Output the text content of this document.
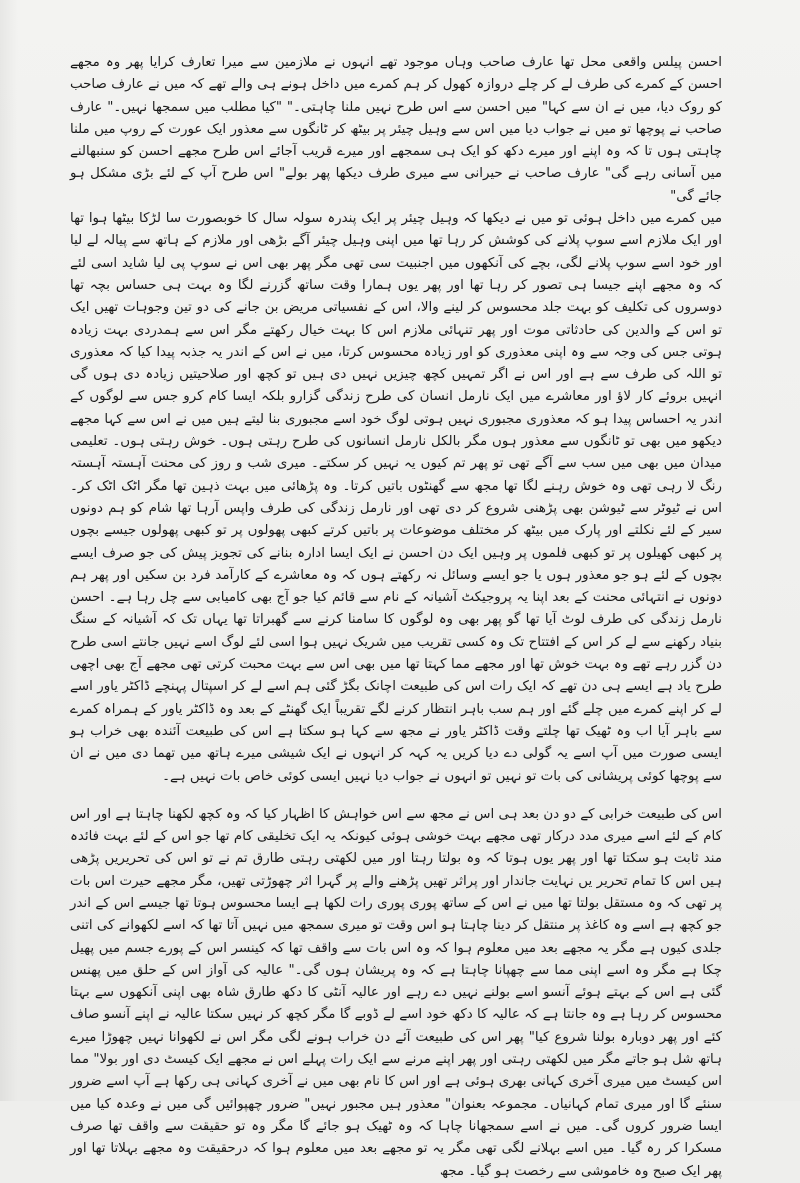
احسن پیلس واقعی محل تھا عارف صاحب وہاں موجود تھے انہوں نے ملازمین سے میرا تعارف کرایا پھر وہ مجھے احسن کے کمرے کی طرف لے کر چلے دروازہ کھول کر ہم کمرے میں داخل ہونے ہی والے تھے کہ میں نے عارف صاحب کو روک دیا، میں نے ان سے کہا" میں احسن سے اس طرح نہیں ملنا چاہتی۔" "کیا مطلب میں سمجھا نہیں۔" عارف صاحب نے پوچھا تو میں نے جواب دیا میں اس سے وہیل چیئر پر بیٹھ کر ٹانگوں سے معذور ایک عورت کے روپ میں ملنا چاہتی ہوں تا کہ وہ اپنے اور میرے دکھ کو ایک ہی سمجھے اور میرے قریب آجائے اس طرح مجھے احسن کو سنبھالنے میں آسانی رہے گی" عارف صاحب نے حیرانی سے میری طرف دیکھا پھر بولے" اس طرح آپ کے لئے بڑی مشکل ہو جائے گی"

میں کمرے میں داخل ہوئی تو میں نے دیکھا کہ وہیل چیئر پر ایک پندرہ سولہ سال کا خوبصورت سا لڑکا بیٹھا ہوا تھا اور ایک ملازم اسے سوپ پلانے کی کوشش کر رہا تھا میں اپنی وہیل چیئر آگے بڑھی اور ملازم کے ہاتھ سے پیالہ لے لیا اور خود اسے سوپ پلانے لگی، بچے کی آنکھوں میں اجنبیت سی تھی مگر پھر بھی اس نے سوپ پی لیا شاید اسی لئے کہ وہ مجھے اپنے جیسا ہی تصور کر رہا تھا اور پھر یوں ہمارا وقت ساتھ گزرنے لگا وہ بہت ہی حساس بچہ تھا دوسروں کی تکلیف کو بہت جلد محسوس کر لینے والا، اس کے نفسیاتی مریض بن جانے کی دو تین وجوہات تھیں ایک تو اس کے والدین کی حادثاتی موت اور پھر تنہائی ملازم اس کا بہت خیال رکھتے مگر اس سے ہمدردی بہت زیادہ ہوتی جس کی وجہ سے وہ اپنی معذوری کو اور زیادہ محسوس کرتا، میں نے اس کے اندر یہ جذبہ پیدا کیا کہ معذوری تو اللہ کی طرف سے ہے اور اس نے اگر تمہیں کچھ چیزیں نہیں دی ہیں تو کچھ اور صلاحیتیں زیادہ دی ہوں گی انہیں بروئے کار لاؤ اور معاشرے میں ایک نارمل انسان کی طرح زندگی گزارو بلکہ ایسا کام کرو جس سے لوگوں کے اندر یہ احساس پیدا ہو کہ معذوری مجبوری نہیں ہوتی لوگ خود اسے مجبوری بنا لیتے ہیں میں نے اس سے کہا مجھے دیکھو میں بھی تو ٹانگوں سے معذور ہوں مگر بالکل نارمل انسانوں کی طرح رہتی ہوں۔ خوش رہتی ہوں۔ تعلیمی میدان میں بھی میں سب سے آگے تھی تو پھر تم کیوں یہ نہیں کر سکتے۔ میری شب و روز کی محنت آہستہ آہستہ رنگ لا رہی تھی وہ خوش رہنے لگا تھا مجھ سے گھنٹوں باتیں کرتا۔ وہ پڑھائی میں بہت ذہین تھا مگر اٹک اٹک کر۔ اس نے ٹیوٹر سے ٹیوشن بھی پڑھنی شروع کر دی تھی اور نارمل زندگی کی طرف واپس آرہا تھا شام کو ہم دونوں سیر کے لئے نکلتے اور پارک میں بیٹھ کر مختلف موضوعات پر باتیں کرتے کبھی پھولوں پر تو کبھی پھولوں جیسے بچوں پر کبھی کھیلوں پر تو کبھی فلموں پر وہیں ایک دن احسن نے ایک ایسا ادارہ بنانے کی تجویز پیش کی جو صرف ایسے بچوں کے لئے ہو جو معذور ہوں یا جو ایسے وسائل نہ رکھتے ہوں کہ وہ معاشرے کے کارآمد فرد بن سکیں اور پھر ہم دونوں نے انتہائی محنت کے بعد اپنا یہ پروجیکٹ آشیانہ کے نام سے قائم کیا جو آج بھی کامیابی سے چل رہا ہے۔ احسن نارمل زندگی کی طرف لوٹ آیا تھا گو پھر بھی وہ لوگوں کا سامنا کرنے سے گھبراتا تھا یہاں تک کہ آشیانہ کے سنگ بنیاد رکھنے سے لے کر اس کے افتتاح تک وہ کسی تقریب میں شریک نہیں ہوا اسی لئے لوگ اسے نہیں جانتے اسی طرح دن گزر رہے تھے وہ بہت خوش تھا اور مجھے مما کہتا تھا میں بھی اس سے بہت محبت کرتی تھی مجھے آج بھی اچھی طرح یاد ہے ایسے ہی دن تھے کہ ایک رات اس کی طبیعت اچانک بگڑ گئی ہم اسے لے کر اسپتال پہنچے ڈاکٹر یاور اسے لے کر اپنے کمرے میں چلے گئے اور ہم سب باہر انتظار کرنے لگے تقریباً ایک گھنٹے کے بعد وہ ڈاکٹر یاور کے ہمراہ کمرے سے باہر آیا اب وہ ٹھیک تھا چلتے وقت ڈاکٹر یاور نے مجھ سے کہا ہو سکتا ہے اس کی طبیعت آئندہ بھی خراب ہو ایسی صورت میں آپ اسے یہ گولی دے دیا کریں یہ کہہ کر انہوں نے ایک شیشی میرے ہاتھ میں تھما دی میں نے ان سے پوچھا کوئی پریشانی کی بات تو نہیں تو انہوں نے جواب دیا نہیں ایسی کوئی خاص بات نہیں ہے۔

اس کی طبیعت خرابی کے دو دن بعد ہی اس نے مجھ سے اس خواہش کا اظہار کیا کہ وہ کچھ لکھنا چاہتا ہے اور اس کام کے لئے اسے میری مدد درکار تھی مجھے بہت خوشی ہوئی کیونکہ یہ ایک تخلیقی کام تھا جو اس کے لئے بہت فائدہ مند ثابت ہو سکتا تھا اور پھر یوں ہوتا کہ وہ بولتا رہتا اور میں لکھتی رہتی طارق تم نے تو اس کی تحریریں پڑھی ہیں اس کا تمام تحریر یں نہایت جاندار اور پراثر تھیں پڑھنے والے پر گہرا اثر چھوڑتی تھیں، مگر مجھے حیرت اس بات پر تھی کہ وہ مستقل بولتا تھا میں نے اس کے ساتھ پوری پوری رات لکھا ہے ایسا محسوس ہوتا تھا جیسے اس کے اندر جو کچھ ہے اسے وہ کاغذ پر منتقل کر دینا چاہتا ہو اس وقت تو میری سمجھ میں نہیں آتا تھا کہ اسے لکھوانے کی اتنی جلدی کیوں ہے مگر یہ مجھے بعد میں معلوم ہوا کہ وہ اس بات سے واقف تھا کہ کینسر اس کے پورے جسم میں پھیل چکا ہے مگر وہ اسے اپنی مما سے چھپانا چاہتا ہے کہ وہ پریشان ہوں گی۔" عالیہ کی آواز اس کے حلق میں پھنس گئی ہے اس کے بہتے ہوئے آنسو اسے بولنے نہیں دے رہے اور عالیہ آنٹی کا دکھ طارق شاہ بھی اپنی آنکھوں سے بہتا محسوس کر رہا ہے وہ جانتا ہے کہ عالیہ کا دکھ خود اسے لے ڈوبے گا مگر کچھ کر نہیں سکتا عالیہ نے اپنے آنسو صاف کئے اور پھر دوبارہ بولنا شروع کیا" پھر اس کی طبیعت آئے دن خراب ہونے لگی مگر اس نے لکھوانا نہیں چھوڑا میرے ہاتھ شل ہو جاتے مگر میں لکھتی رہتی اور پھر اپنے مرنے سے ایک رات پہلے اس نے مجھے ایک کیسٹ دی اور بولا" مما اس کیسٹ میں میری آخری کہانی بھری ہوئی ہے اور اس کا نام بھی میں نے آخری کہانی ہی رکھا ہے آپ اسے ضرور سنئے گا اور میری تمام کہانیاں۔ مجموعہ بعنوان" معذور ہیں مجبور نہیں" ضرور چھپوائیں گی میں نے وعدہ کیا میں ایسا ضرور کروں گی۔ میں نے اسے سمجھانا چاہا کہ وہ ٹھیک ہو جائے گا مگر وہ تو حقیقت سے واقف تھا صرف مسکرا کر رہ گیا۔ میں اسے بہلانے لگی تھی مگر یہ تو مجھے بعد میں معلوم ہوا کہ درحقیقت وہ مجھے بہلاتا تھا اور پھر ایک صبح وہ خاموشی سے رخصت ہو گیا۔ مجھ
